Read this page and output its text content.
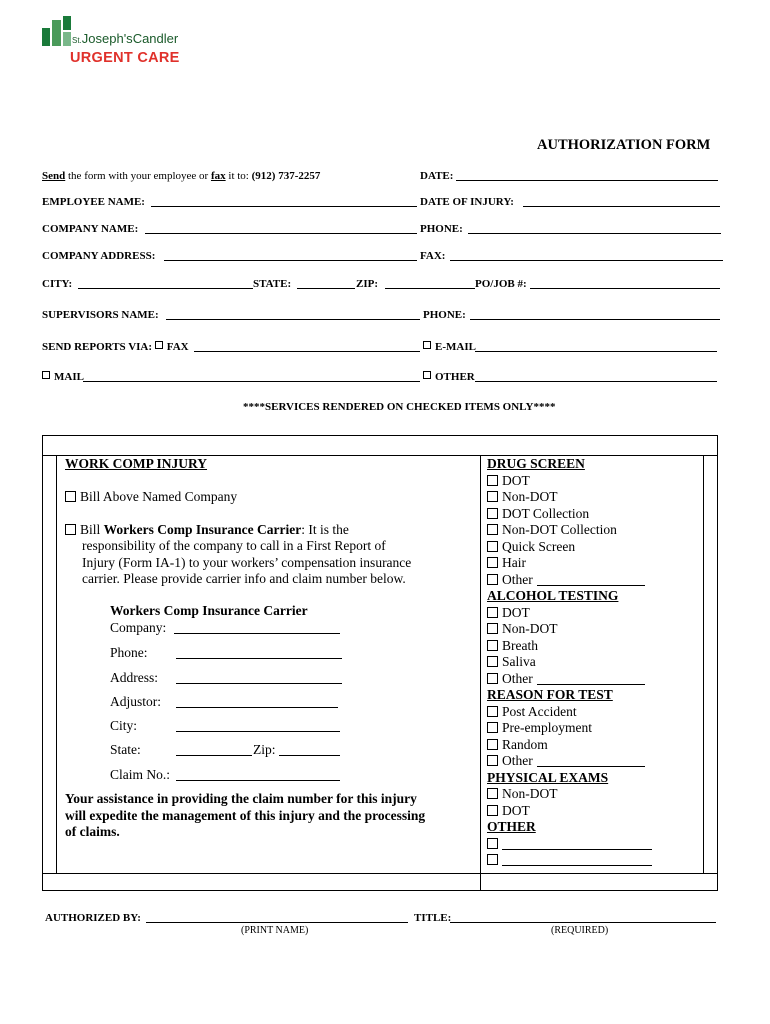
St.Joseph'sCandler
URGENT CARE
AUTHORIZATION FORM
Send the form with your employee or fax it to: (912) 737-2257	DATE:
EMPLOYEE NAME:	DATE OF INJURY:
COMPANY NAME:	PHONE:
COMPANY ADDRESS:	FAX:
CITY:	STATE:	ZIP:	PO/JOB #:
SUPERVISORS NAME:	PHONE:
SEND REPORTS VIA: FAX	E-MAIL
MAIL	OTHER
****SERVICES RENDERED ON CHECKED ITEMS ONLY****
WORK COMP INJURY
Bill Above Named Company
Bill Workers Comp Insurance Carrier: It is the
responsibility of the company to call in a First Report of
Injury (Form IA-1) to your workers’ compensation insurance
carrier. Please provide carrier info and claim number below.
Workers Comp Insurance Carrier
Company:
Phone:
Address:
Adjustor:
City:
State:	Zip:
Claim No.:
Your assistance in providing the claim number for this injury
will expedite the management of this injury and the processing
of claims.
DRUG SCREEN
DOT
Non-DOT
DOT Collection
Non-DOT Collection
Quick Screen
Hair
Other
ALCOHOL TESTING
DOT
Non-DOT
Breath
Saliva
Other
REASON FOR TEST
Post Accident
Pre-employment
Random
Other
PHYSICAL EXAMS
Non-DOT
DOT
OTHER
AUTHORIZED BY:
(PRINT NAME)
TITLE:
(REQUIRED)
